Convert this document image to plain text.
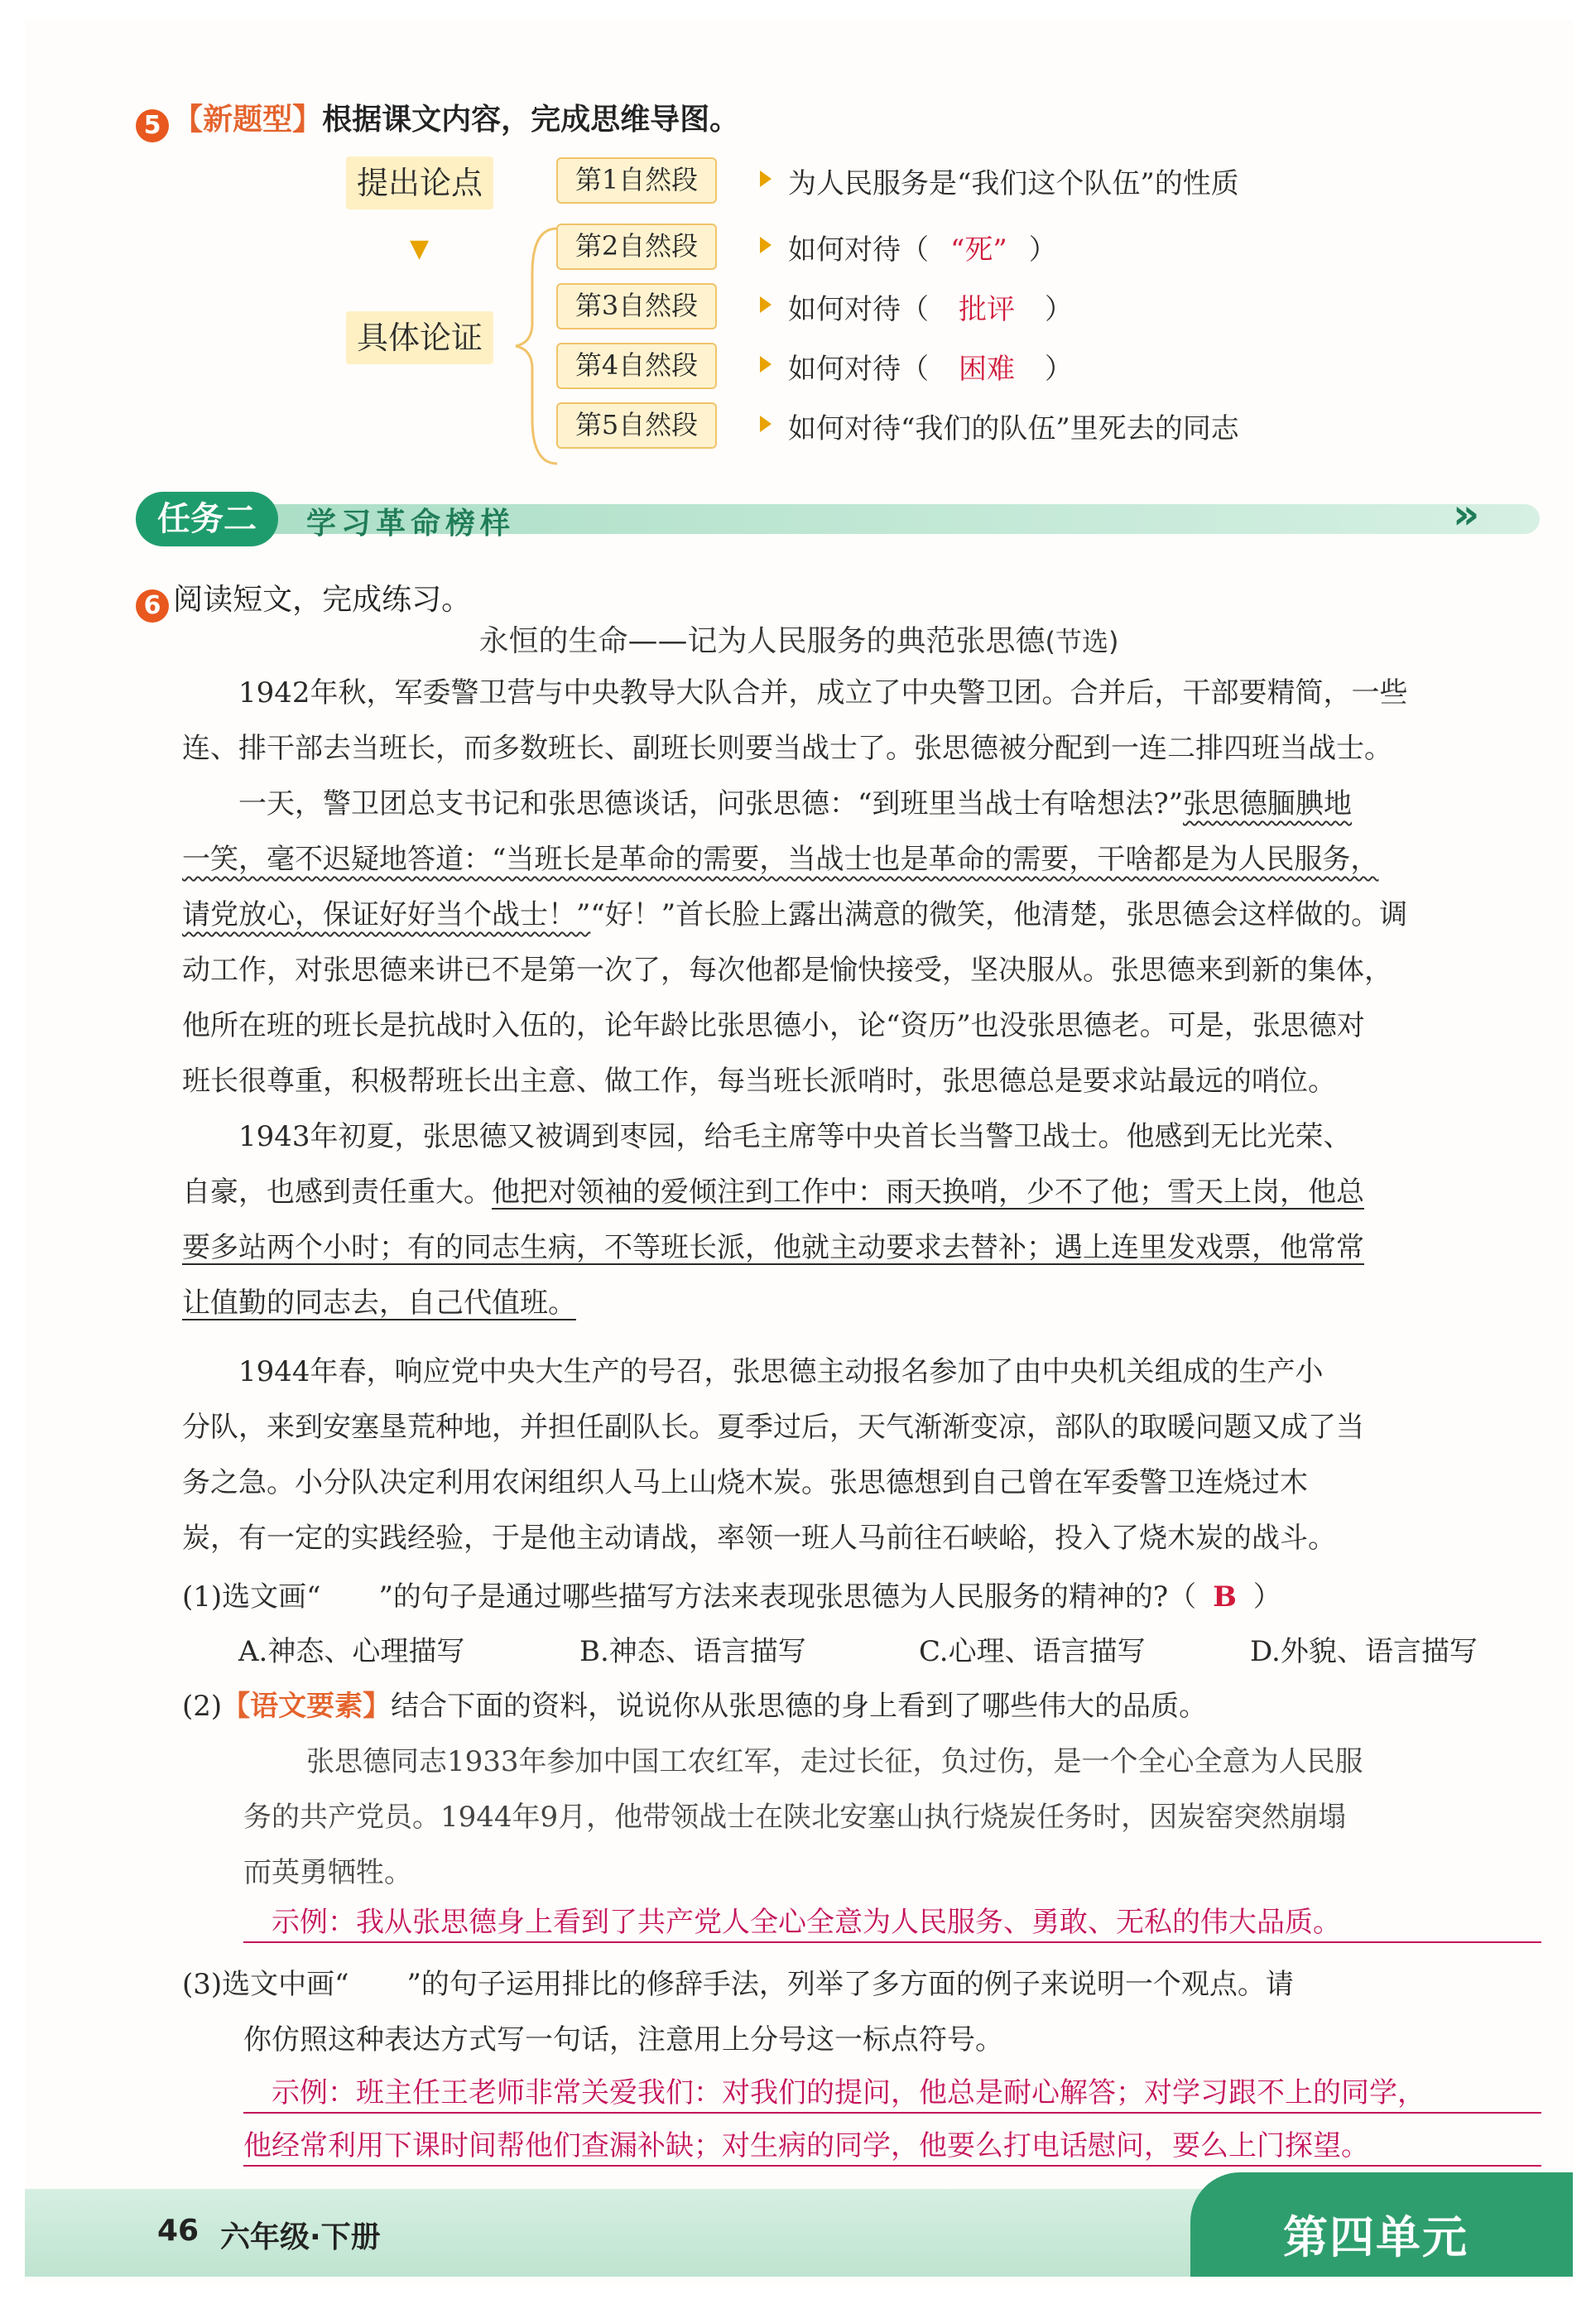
5 【新题型】根据课文内容，完成思维导图。
提出论点
▼
具体论证
第1自然段	为人民服务是“我们这个队伍”的性质
第2自然段	如何对待（ “死” ）
第3自然段	如何对待（ 批评 ）
第4自然段	如何对待（ 困难 ）
第5自然段	如何对待“我们的队伍”里死去的同志
任务二	学习革命榜样	»
6 阅读短文，完成练习。
永恒的生命——记为人民服务的典范张思德(节选)
　　1942年秋，军委警卫营与中央教导大队合并，成立了中央警卫团。合并后，干部要精简，一些
连、排干部去当班长，而多数班长、副班长则要当战士了。张思德被分配到一连二排四班当战士。
　　一天，警卫团总支书记和张思德谈话，问张思德：“到班里当战士有啥想法?”张思德腼腆地
一笑，毫不迟疑地答道：“当班长是革命的需要，当战士也是革命的需要，干啥都是为人民服务，
请党放心，保证好好当个战士！”“好！”首长脸上露出满意的微笑，他清楚，张思德会这样做的。调
动工作，对张思德来讲已不是第一次了，每次他都是愉快接受，坚决服从。张思德来到新的集体，
他所在班的班长是抗战时入伍的，论年龄比张思德小，论“资历”也没张思德老。可是，张思德对
班长很尊重，积极帮班长出主意、做工作，每当班长派哨时，张思德总是要求站最远的哨位。
　　1943年初夏，张思德又被调到枣园，给毛主席等中央首长当警卫战士。他感到无比光荣、
自豪，也感到责任重大。他把对领袖的爱倾注到工作中：雨天换哨，少不了他；雪天上岗，他总
要多站两个小时；有的同志生病，不等班长派，他就主动要求去替补；遇上连里发戏票，他常常
让值勤的同志去，自己代值班。
　　1944年春，响应党中央大生产的号召，张思德主动报名参加了由中央机关组成的生产小
分队，来到安塞垦荒种地，并担任副队长。夏季过后，天气渐渐变凉，部队的取暖问题又成了当
务之急。小分队决定利用农闲组织人马上山烧木炭。张思德想到自己曾在军委警卫连烧过木
炭，有一定的实践经验，于是他主动请战，率领一班人马前往石峡峪，投入了烧木炭的战斗。
(1)选文画“ ”的句子是通过哪些描写方法来表现张思德为人民服务的精神的?（ B ）
A.神态、心理描写	B.神态、语言描写	C.心理、语言描写	D.外貌、语言描写
(2)【语文要素】结合下面的资料，说说你从张思德的身上看到了哪些伟大的品质。
张思德同志1933年参加中国工农红军，走过长征，负过伤，是一个全心全意为人民服
务的共产党员。1944年9月，他带领战士在陕北安塞山执行烧炭任务时，因炭窑突然崩塌
而英勇牺牲。
示例：我从张思德身上看到了共产党人全心全意为人民服务、勇敢、无私的伟大品质。
(3)选文中画“ ”的句子运用排比的修辞手法，列举了多方面的例子来说明一个观点。请
你仿照这种表达方式写一句话，注意用上分号这一标点符号。
示例：班主任王老师非常关爱我们：对我们的提问，他总是耐心解答；对学习跟不上的同学，
他经常利用下课时间帮他们查漏补缺；对生病的同学，他要么打电话慰问，要么上门探望。
46 六年级·下册	第四单元
